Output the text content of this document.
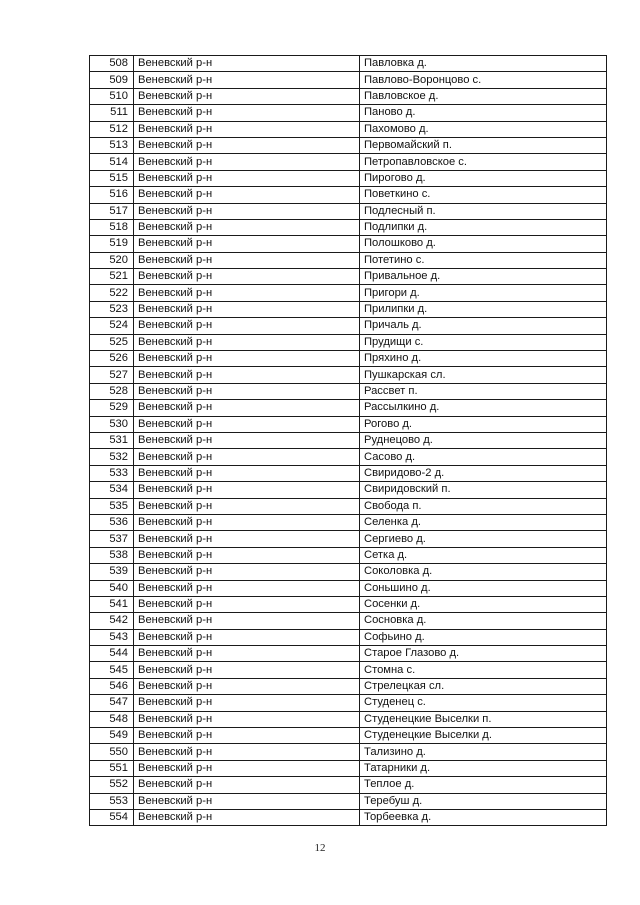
508	Веневский р-н	Павловка д.
509	Веневский р-н	Павлово-Воронцово с.
510	Веневский р-н	Павловское д.
511	Веневский р-н	Паново д.
512	Веневский р-н	Пахомово д.
513	Веневский р-н	Первомайский п.
514	Веневский р-н	Петропавловское с.
515	Веневский р-н	Пирогово д.
516	Веневский р-н	Поветкино с.
517	Веневский р-н	Подлесный п.
518	Веневский р-н	Подлипки д.
519	Веневский р-н	Полошково д.
520	Веневский р-н	Потетино с.
521	Веневский р-н	Привальное д.
522	Веневский р-н	Пригори д.
523	Веневский р-н	Прилипки д.
524	Веневский р-н	Причаль д.
525	Веневский р-н	Прудищи с.
526	Веневский р-н	Пряхино д.
527	Веневский р-н	Пушкарская сл.
528	Веневский р-н	Рассвет п.
529	Веневский р-н	Рассылкино д.
530	Веневский р-н	Рогово д.
531	Веневский р-н	Руднецово д.
532	Веневский р-н	Сасово д.
533	Веневский р-н	Свиридово-2 д.
534	Веневский р-н	Свиридовский п.
535	Веневский р-н	Свобода п.
536	Веневский р-н	Селенка д.
537	Веневский р-н	Сергиево д.
538	Веневский р-н	Сетка д.
539	Веневский р-н	Соколовка д.
540	Веневский р-н	Соньшино д.
541	Веневский р-н	Сосенки д.
542	Веневский р-н	Сосновка д.
543	Веневский р-н	Софьино д.
544	Веневский р-н	Старое Глазово д.
545	Веневский р-н	Стомна с.
546	Веневский р-н	Стрелецкая сл.
547	Веневский р-н	Студенец с.
548	Веневский р-н	Студенецкие Выселки п.
549	Веневский р-н	Студенецкие Выселки д.
550	Веневский р-н	Тализино д.
551	Веневский р-н	Татарники д.
552	Веневский р-н	Теплое д.
553	Веневский р-н	Теребуш д.
554	Веневский р-н	Торбеевка д.
12
